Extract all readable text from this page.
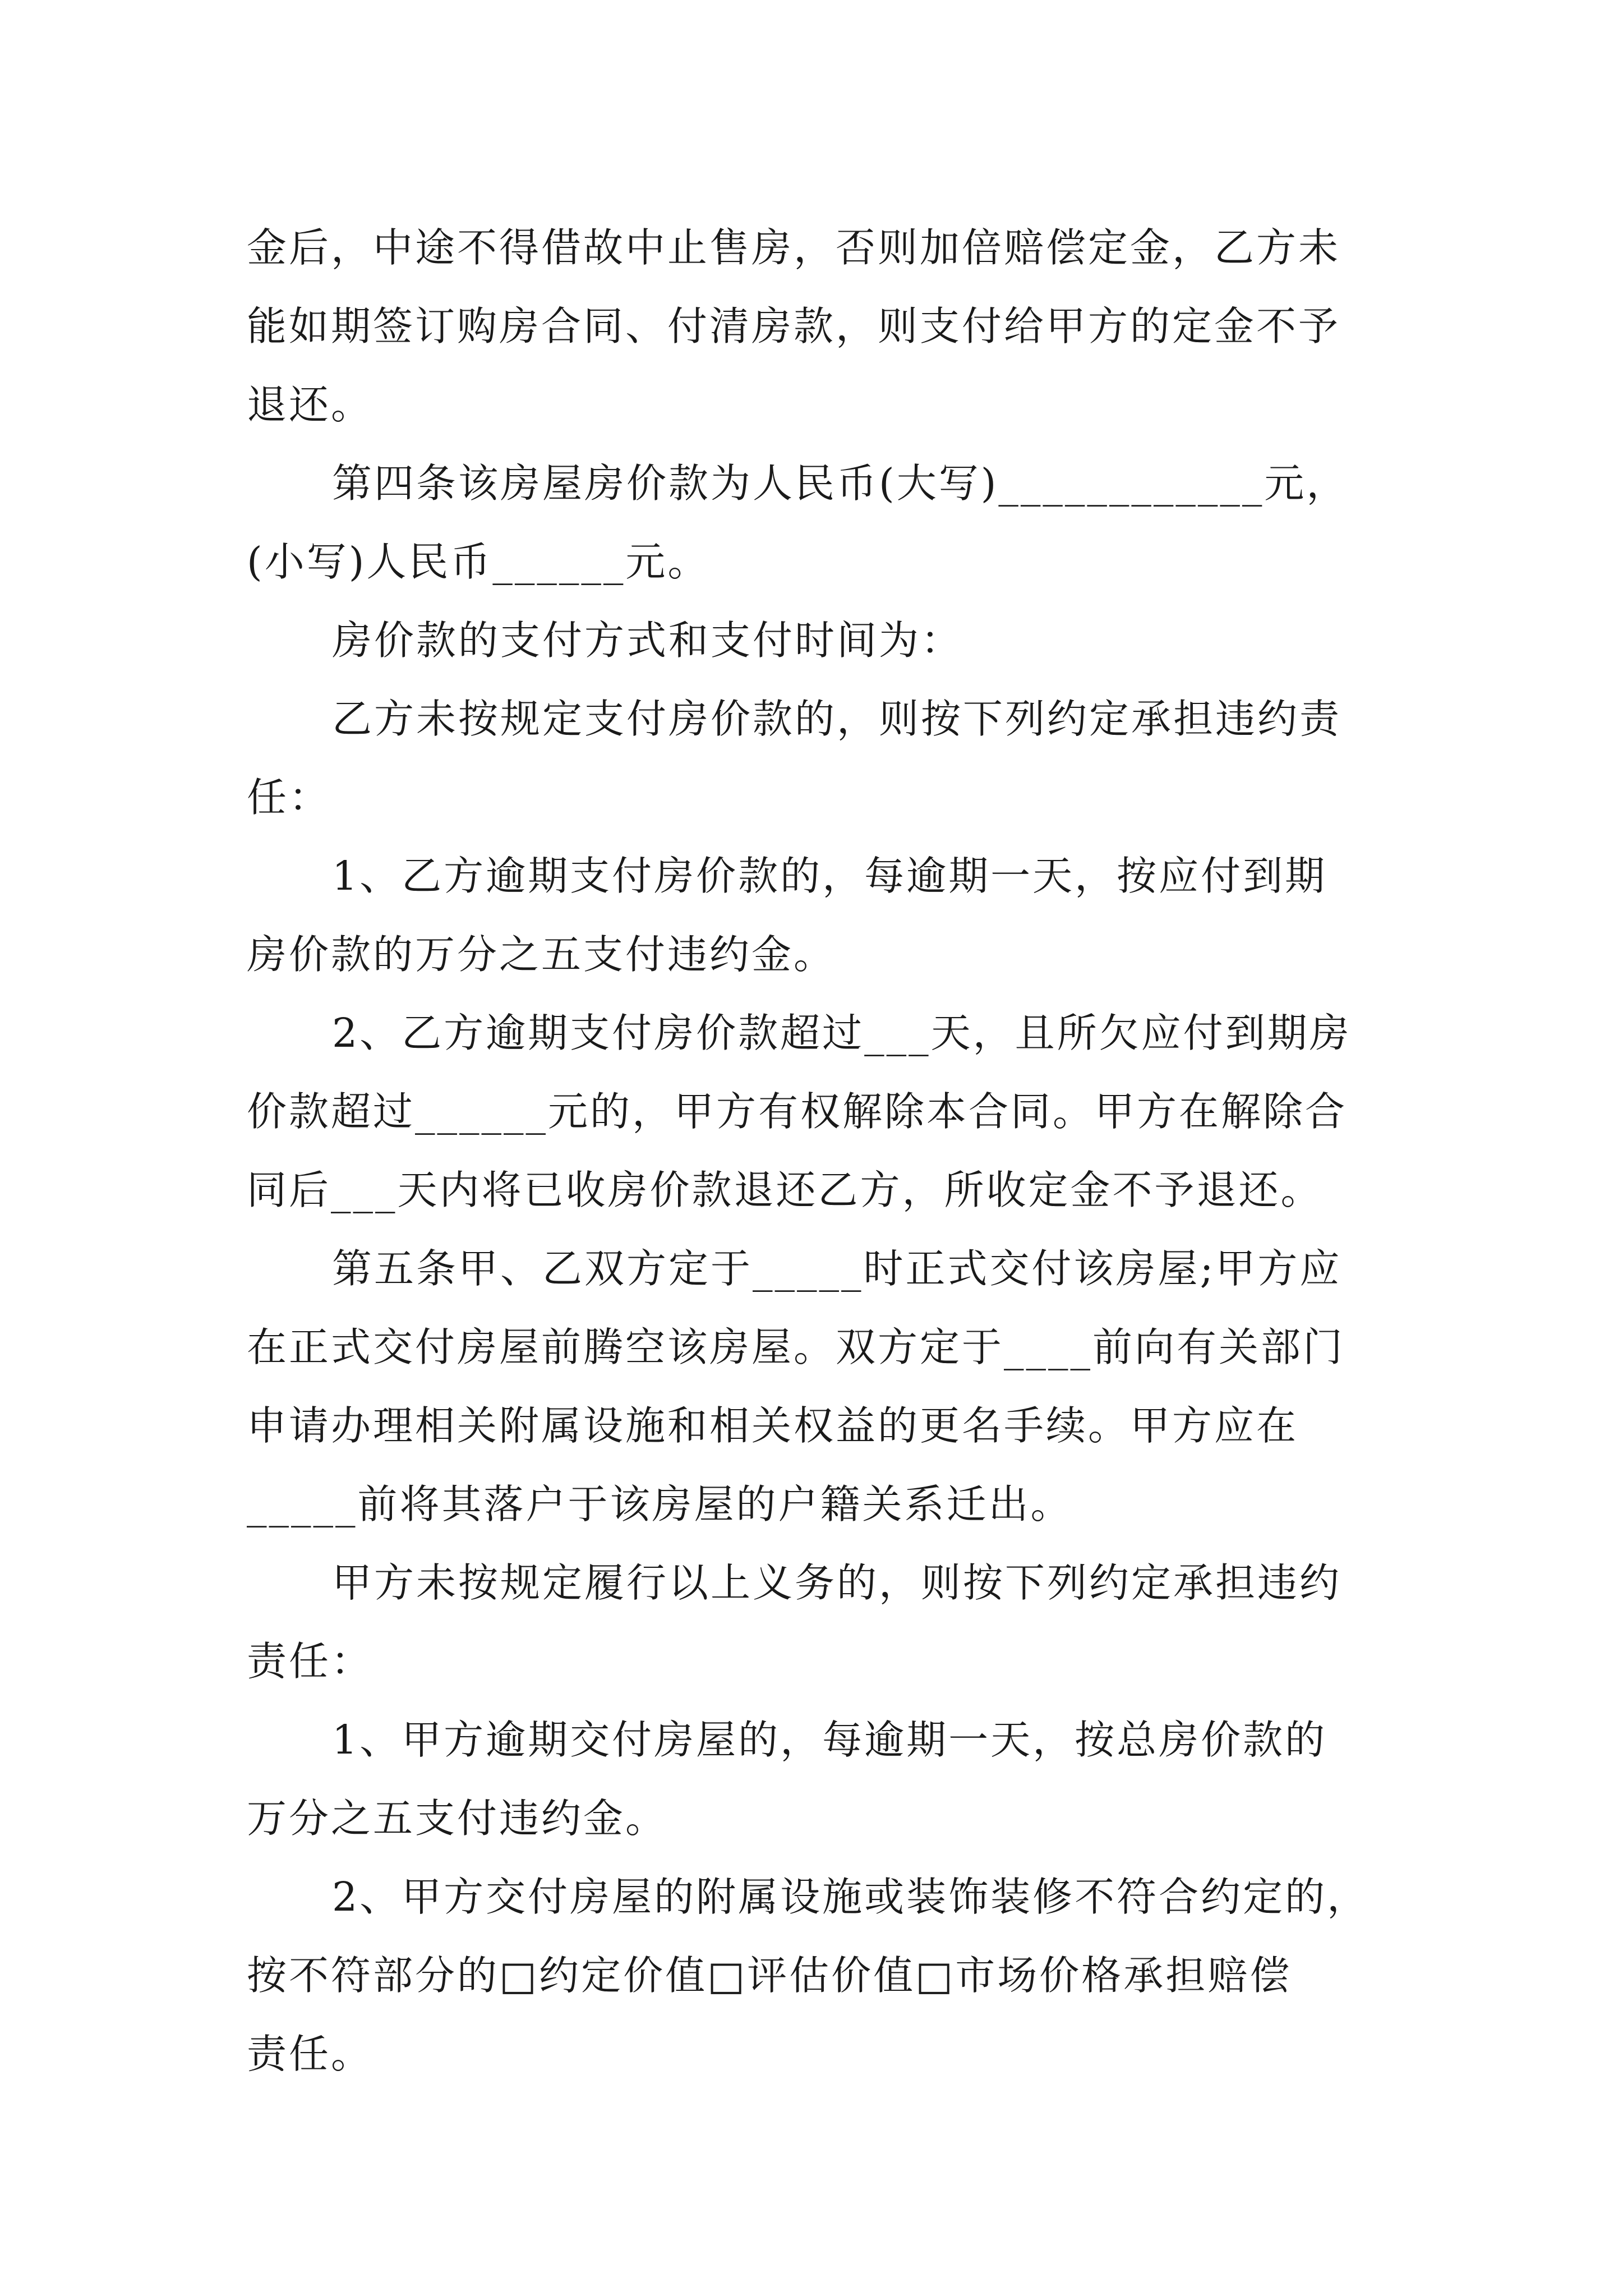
金后，中途不得借故中止售房，否则加倍赔偿定金，乙方未
能如期签订购房合同、付清房款，则支付给甲方的定金不予
退还。
第四条该房屋房价款为人民币(大写)____________元，
(小写)人民币______元。
房价款的支付方式和支付时间为：
乙方未按规定支付房价款的，则按下列约定承担违约责
任：
1、乙方逾期支付房价款的，每逾期一天，按应付到期
房价款的万分之五支付违约金。
2、乙方逾期支付房价款超过___天，且所欠应付到期房
价款超过______元的，甲方有权解除本合同。甲方在解除合
同后___天内将已收房价款退还乙方，所收定金不予退还。
第五条甲、乙双方定于_____时正式交付该房屋;甲方应
在正式交付房屋前腾空该房屋。双方定于____前向有关部门
申请办理相关附属设施和相关权益的更名手续。甲方应在
_____前将其落户于该房屋的户籍关系迁出。
甲方未按规定履行以上义务的，则按下列约定承担违约
责任：
1、甲方逾期交付房屋的，每逾期一天，按总房价款的
万分之五支付违约金。
2、甲方交付房屋的附属设施或装饰装修不符合约定的，
按不符部分的□约定价值□评估价值□市场价格承担赔偿
责任。
